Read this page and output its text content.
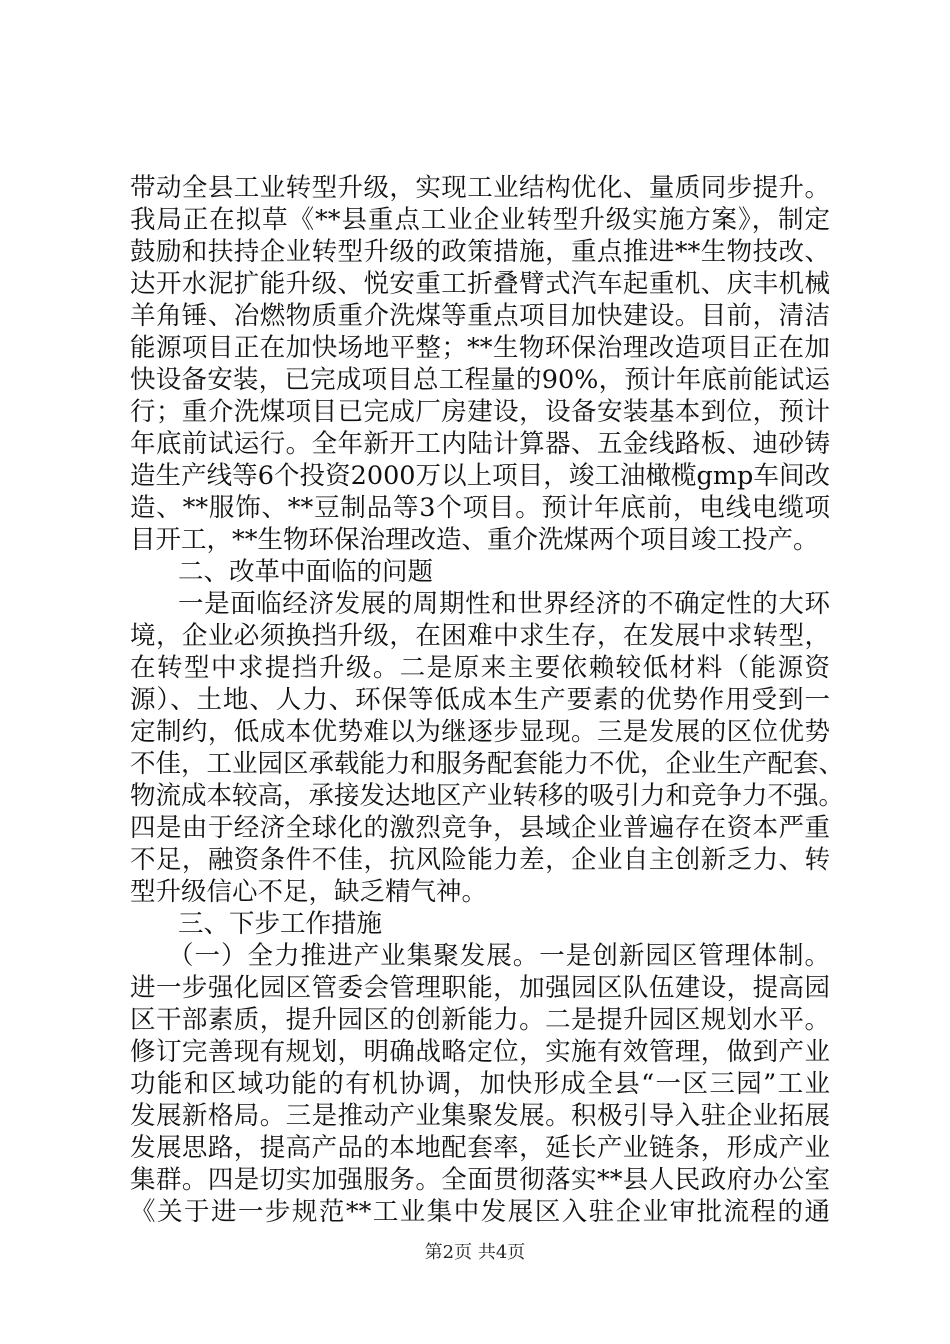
带动全县工业转型升级，实现工业结构优化、量质同步提升。
我局正在拟草《**县重点工业企业转型升级实施方案》，制定
鼓励和扶持企业转型升级的政策措施，重点推进**生物技改、
达开水泥扩能升级、悦安重工折叠臂式汽车起重机、庆丰机械
羊角锤、冶燃物质重介洗煤等重点项目加快建设。目前，清洁
能源项目正在加快场地平整；**生物环保治理改造项目正在加
快设备安装，已完成项目总工程量的90%，预计年底前能试运
行；重介洗煤项目已完成厂房建设，设备安装基本到位，预计
年底前试运行。全年新开工内陆计算器、五金线路板、迪砂铸
造生产线等6个投资2000万以上项目，竣工油橄榄gmp车间改
造、**服饰、**豆制品等3个项目。预计年底前，电线电缆项
目开工，**生物环保治理改造、重介洗煤两个项目竣工投产。
二、改革中面临的问题
一是面临经济发展的周期性和世界经济的不确定性的大环
境，企业必须换挡升级，在困难中求生存，在发展中求转型，
在转型中求提挡升级。二是原来主要依赖较低材料（能源资
源）、土地、人力、环保等低成本生产要素的优势作用受到一
定制约，低成本优势难以为继逐步显现。三是发展的区位优势
不佳，工业园区承载能力和服务配套能力不优，企业生产配套、
物流成本较高，承接发达地区产业转移的吸引力和竞争力不强。
四是由于经济全球化的激烈竞争，县域企业普遍存在资本严重
不足，融资条件不佳，抗风险能力差，企业自主创新乏力、转
型升级信心不足，缺乏精气神。
三、下步工作措施
（一）全力推进产业集聚发展。一是创新园区管理体制。
进一步强化园区管委会管理职能，加强园区队伍建设，提高园
区干部素质，提升园区的创新能力。二是提升园区规划水平。
修订完善现有规划，明确战略定位，实施有效管理，做到产业
功能和区域功能的有机协调，加快形成全县“一区三园”工业
发展新格局。三是推动产业集聚发展。积极引导入驻企业拓展
发展思路，提高产品的本地配套率，延长产业链条，形成产业
集群。四是切实加强服务。全面贯彻落实**县人民政府办公室
《关于进一步规范**工业集中发展区入驻企业审批流程的通
第2页 共4页
